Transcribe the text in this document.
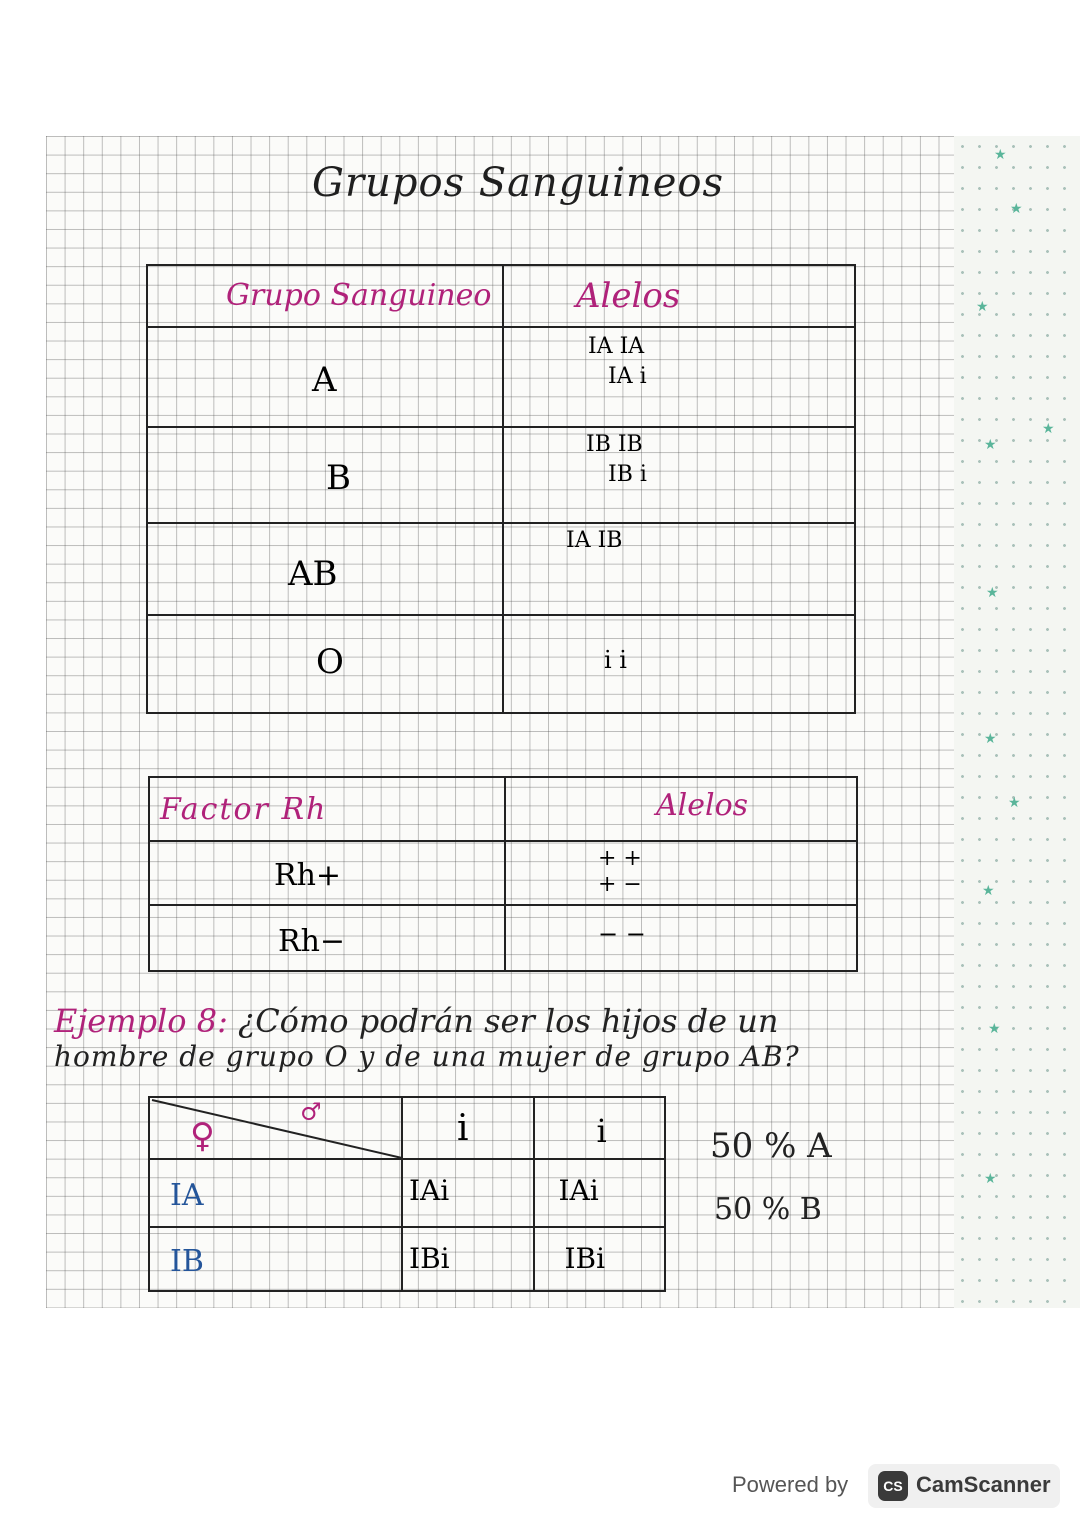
★
★
★
★
★
★
★
★
★
★
★
Grupos Sanguineos
Grupo Sanguineo	Alelos

A	IA IA
IA i

B	IB IB
IB i

AB	IA IB

O	i i
Factor Rh	Alelos

Rh+	+ +
+ −

Rh−	− −
Ejemplo 8: ¿Cómo podrán ser los hijos de un
hombre de grupo O y de una mujer de grupo AB?
♀
♂	i	i

IA	IAi	IAi

IB	IBi	IBi
50 % A
50 % B
Powered by	CS CamScanner
